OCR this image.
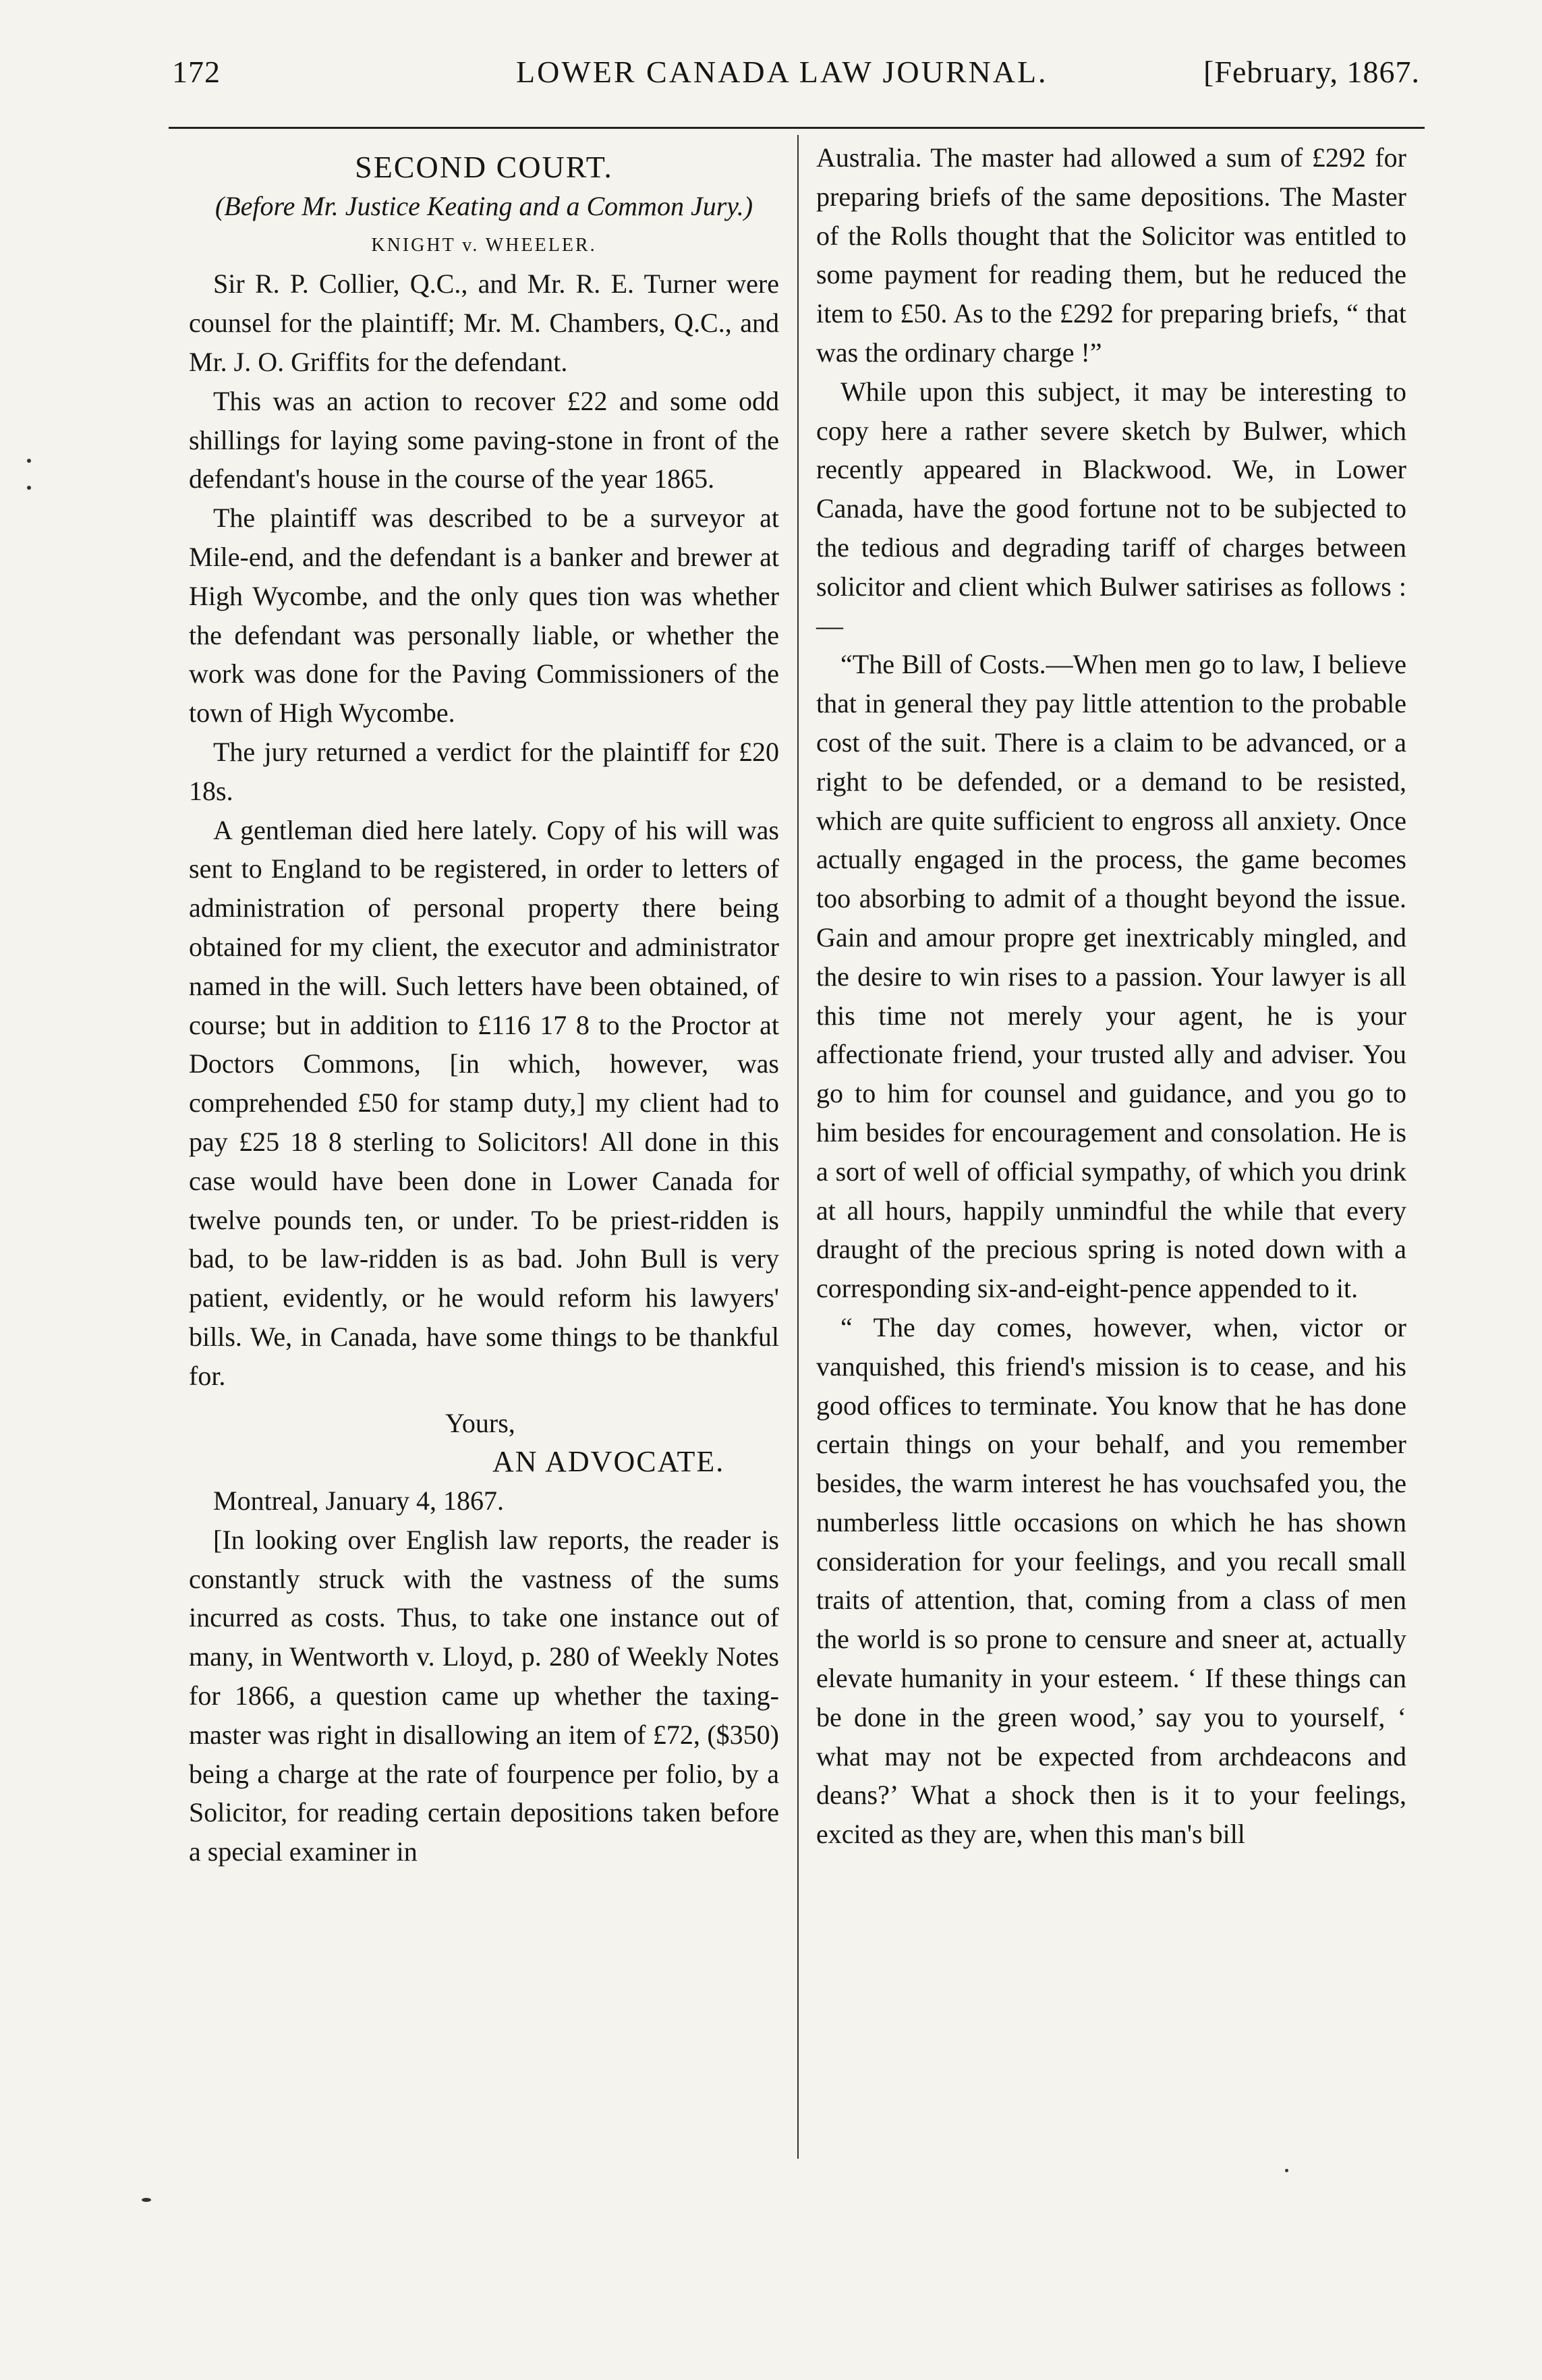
172	LOWER CANADA LAW JOURNAL.	[February, 1867.

SECOND COURT.

(Before Mr. Justice Keating and a Common Jury.)

KNIGHT v. WHEELER.

Sir R. P. Collier, Q.C., and Mr. R. E. Turner were counsel for the plaintiff; Mr. M. Chambers, Q.C., and Mr. J. O. Griffits for the defendant.

This was an action to recover £22 and some odd shillings for laying some paving-stone in front of the defendant's house in the course of the year 1865.

The plaintiff was described to be a surveyor at Mile-end, and the defendant is a banker and brewer at High Wycombe, and the only ques tion was whether the defendant was personally liable, or whether the work was done for the Paving Commissioners of the town of High Wycombe.

The jury returned a verdict for the plaintiff for £20 18s.

A gentleman died here lately. Copy of his will was sent to England to be registered, in order to letters of administration of personal property there being obtained for my client, the executor and administrator named in the will. Such letters have been obtained, of course; but in addition to £116 17 8 to the Proctor at Doctors Commons, [in which, however, was comprehended £50 for stamp duty,] my client had to pay £25 18 8 sterling to Solicitors! All done in this case would have been done in Lower Canada for twelve pounds ten, or under. To be priest-ridden is bad, to be law-ridden is as bad. John Bull is very patient, evidently, or he would reform his lawyers' bills. We, in Canada, have some things to be thankful for.

Yours,

AN ADVOCATE.

Montreal, January 4, 1867.

[In looking over English law reports, the reader is constantly struck with the vastness of the sums incurred as costs. Thus, to take one instance out of many, in Wentworth v. Lloyd, p. 280 of Weekly Notes for 1866, a question came up whether the taxing-master was right in disallowing an item of £72, ($350) being a charge at the rate of fourpence per folio, by a Solicitor, for reading certain depositions taken before a special examiner in

Australia. The master had allowed a sum of £292 for preparing briefs of the same depositions. The Master of the Rolls thought that the Solicitor was entitled to some payment for reading them, but he reduced the item to £50. As to the £292 for preparing briefs, “ that was the ordinary charge !”

While upon this subject, it may be interesting to copy here a rather severe sketch by Bulwer, which recently appeared in Blackwood. We, in Lower Canada, have the good fortune not to be subjected to the tedious and degrading tariff of charges between solicitor and client which Bulwer satirises as follows :—

“The Bill of Costs.—When men go to law, I believe that in general they pay little attention to the probable cost of the suit. There is a claim to be advanced, or a right to be defended, or a demand to be resisted, which are quite sufficient to engross all anxiety. Once actually engaged in the process, the game becomes too absorbing to admit of a thought beyond the issue. Gain and amour propre get inextricably mingled, and the desire to win rises to a passion. Your lawyer is all this time not merely your agent, he is your affectionate friend, your trusted ally and adviser. You go to him for counsel and guidance, and you go to him besides for encouragement and consolation. He is a sort of well of official sympathy, of which you drink at all hours, happily unmindful the while that every draught of the precious spring is noted down with a corresponding six-and-eight-pence appended to it.

“ The day comes, however, when, victor or vanquished, this friend's mission is to cease, and his good offices to terminate. You know that he has done certain things on your behalf, and you remember besides, the warm interest he has vouchsafed you, the numberless little occasions on which he has shown consideration for your feelings, and you recall small traits of attention, that, coming from a class of men the world is so prone to censure and sneer at, actually elevate humanity in your esteem. ‘ If these things can be done in the green wood,’ say you to yourself, ‘ what may not be expected from archdeacons and deans?’ What a shock then is it to your feelings, excited as they are, when this man's bill
